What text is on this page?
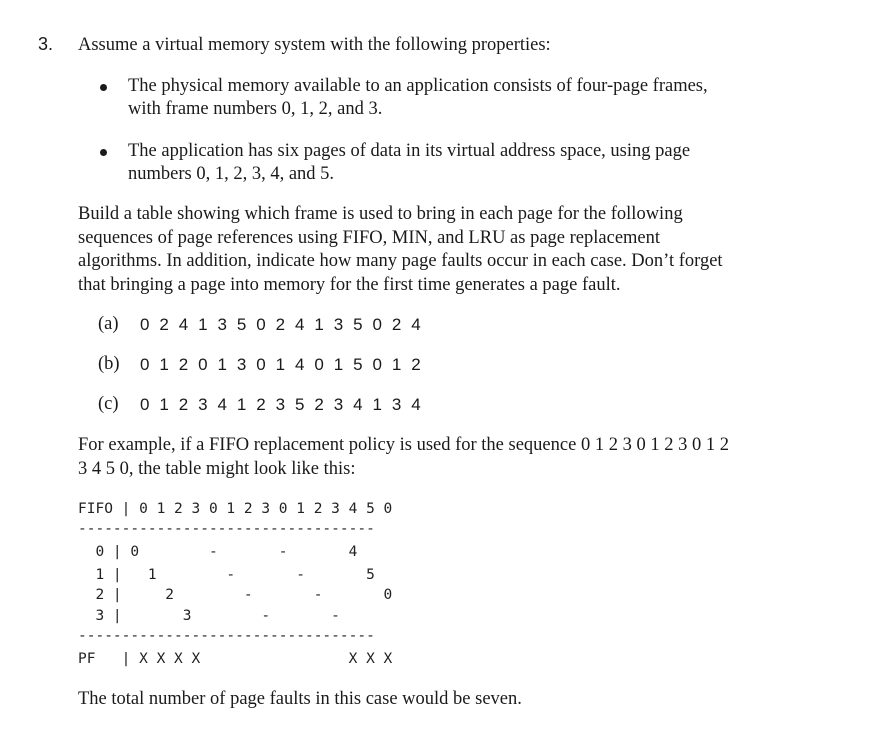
3. Assume a virtual memory system with the following properties:
The physical memory available to an application consists of four-page frames,
with frame numbers 0, 1, 2, and 3.
The application has six pages of data in its virtual address space, using page
numbers 0, 1, 2, 3, 4, and 5.
Build a table showing which frame is used to bring in each page for the following
sequences of page references using FIFO, MIN, and LRU as page replacement
algorithms. In addition, indicate how many page faults occur in each case. Don’t forget
that bringing a page into memory for the first time generates a page fault.
(a) 0 2 4 1 3 5 0 2 4 1 3 5 0 2 4
(b) 0 1 2 0 1 3 0 1 4 0 1 5 0 1 2
(c) 0 1 2 3 4 1 2 3 5 2 3 4 1 3 4
For example, if a FIFO replacement policy is used for the sequence 0 1 2 3 0 1 2 3 0 1 2
3 4 5 0, the table might look like this:
FIFO | 0 1 2 3 0 1 2 3 0 1 2 3 4 5 0
----------------------------------
0 | 0        -       -       4
1 |   1        -       -       5
2 |     2        -       -       0
3 |       3        -       -
----------------------------------
PF   | X X X X                 X X X
The total number of page faults in this case would be seven.
